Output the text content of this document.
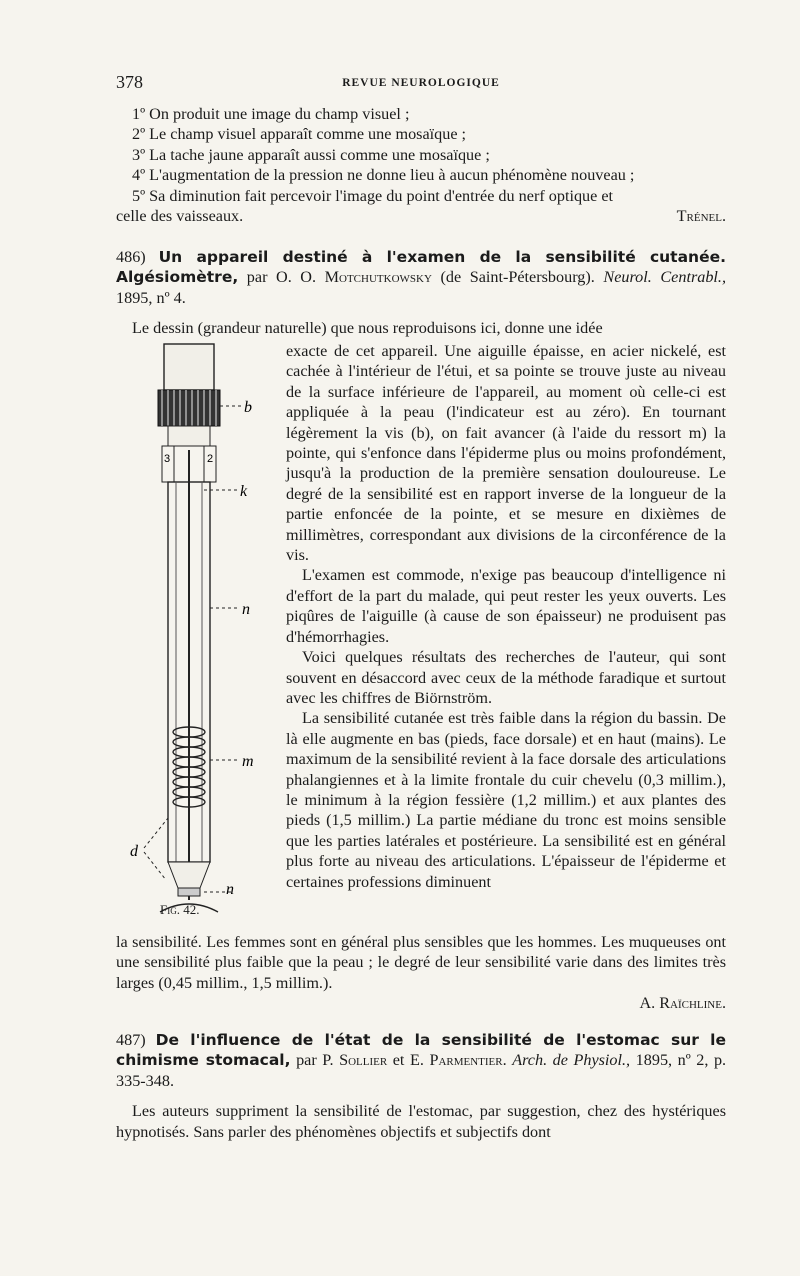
378	REVUE NEUROLOGIQUE

1º On produit une image du champ visuel ;

2º Le champ visuel apparaît comme une mosaïque ;

3º La tache jaune apparaît aussi comme une mosaïque ;

4º L'augmentation de la pression ne donne lieu à aucun phénomène nouveau ;

5º Sa diminution fait percevoir l'image du point d'entrée du nerf optique et

celle des vaisseaux.	Trénel.

486) Un appareil destiné à l'examen de la sensibilité cutanée. Algésiomètre, par O. O. Motchutkowsky (de Saint-Pétersbourg). Neurol. Centrabl., 1895, nº 4.

Le dessin (grandeur naturelle) que nous reproduisons ici, donne une idée

b
k
n
m
d
n
3	2
Fig. 42.

exacte de cet appareil. Une aiguille épaisse, en acier nickelé, est cachée à l'intérieur de l'étui, et sa pointe se trouve juste au niveau de la surface inférieure de l'appareil, au moment où celle-ci est appliquée à la peau (l'indicateur est au zéro). En tournant légèrement la vis (b), on fait avancer (à l'aide du ressort m) la pointe, qui s'enfonce dans l'épiderme plus ou moins profondément, jusqu'à la production de la première sensation douloureuse. Le degré de la sensibilité est en rapport inverse de la longueur de la partie enfoncée de la pointe, et se mesure en dixièmes de millimètres, correspondant aux divisions de la circonférence de la vis.

L'examen est commode, n'exige pas beaucoup d'intelligence ni d'effort de la part du malade, qui peut rester les yeux ouverts. Les piqûres de l'aiguille (à cause de son épaisseur) ne produisent pas d'hémorrhagies.

Voici quelques résultats des recherches de l'auteur, qui sont souvent en désaccord avec ceux de la méthode faradique et surtout avec les chiffres de Biörnström.

La sensibilité cutanée est très faible dans la région du bassin. De là elle augmente en bas (pieds, face dorsale) et en haut (mains). Le maximum de la sensibilité revient à la face dorsale des articulations phalangiennes et à la limite frontale du cuir chevelu (0,3 millim.), le minimum à la région fessière (1,2 millim.) et aux plantes des pieds (1,5 millim.) La partie médiane du tronc est moins sensible que les parties latérales et postérieure. La sensibilité est en général plus forte au niveau des articulations. L'épaisseur de l'épiderme et certaines professions diminuent

la sensibilité. Les femmes sont en général plus sensibles que les hommes. Les muqueuses ont une sensibilité plus faible que la peau ; le degré de leur sensibilité varie dans des limites très larges (0,45 millim., 1,5 millim.).

A. Raïchline.

487) De l'influence de l'état de la sensibilité de l'estomac sur le chimisme stomacal, par P. Sollier et E. Parmentier. Arch. de Physiol., 1895, nº 2, p. 335-348.

Les auteurs suppriment la sensibilité de l'estomac, par suggestion, chez des hystériques hypnotisés. Sans parler des phénomènes objectifs et subjectifs dont
